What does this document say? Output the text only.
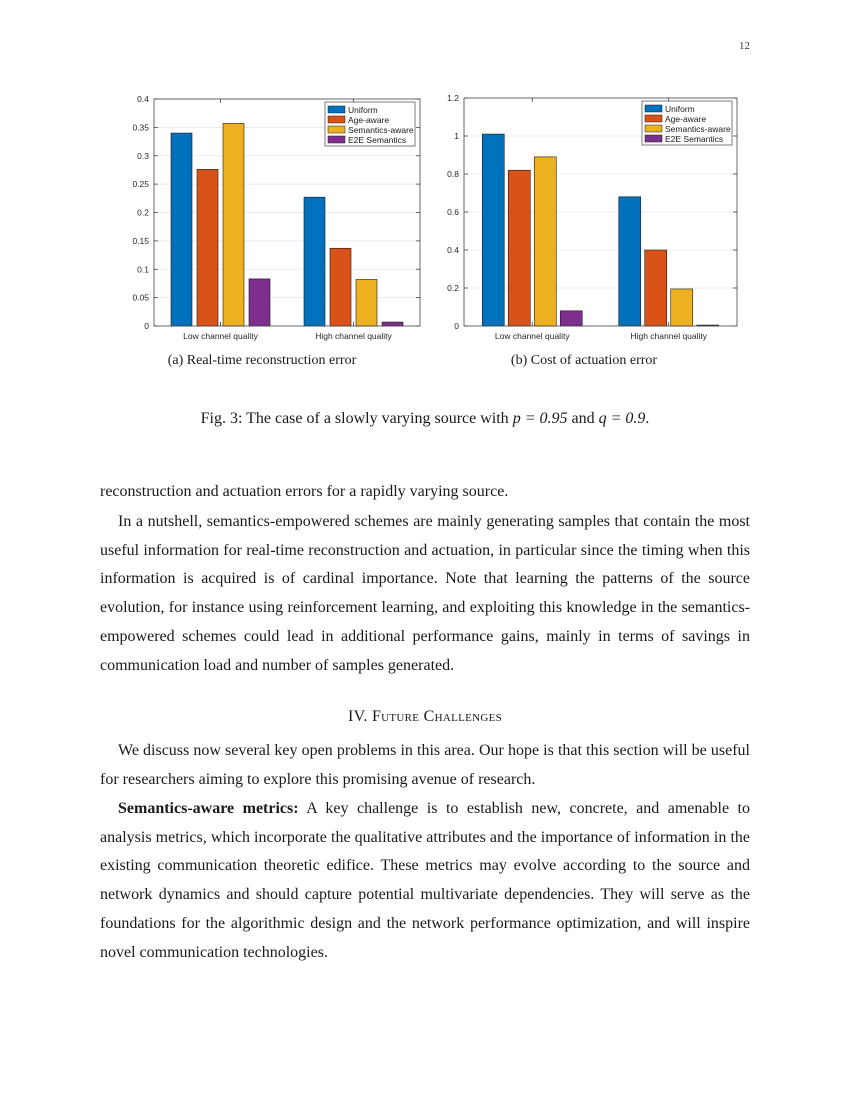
12
0
0.05
0.1
0.15
0.2
0.25
0.3
0.35
0.4
Low channel quality	High channel quality
Uniform
Age-aware
Semantics-aware
E2E Semantics
0
0.2
0.4
0.6
0.8
1
1.2
Low channel quality	High channel quality
Uniform
Age-aware
Semantics-aware
E2E Semantics
(a) Real-time reconstruction error	(b) Cost of actuation error
Fig. 3: The case of a slowly varying source with p = 0.95 and q = 0.9.

reconstruction and actuation errors for a rapidly varying source.

In a nutshell, semantics-empowered schemes are mainly generating samples that contain the most useful information for real-time reconstruction and actuation, in particular since the timing when this information is acquired is of cardinal importance. Note that learning the patterns of the source evolution, for instance using reinforcement learning, and exploiting this knowledge in the semantics-empowered schemes could lead in additional performance gains, mainly in terms of savings in communication load and number of samples generated.

IV. Future Challenges

We discuss now several key open problems in this area. Our hope is that this section will be useful for researchers aiming to explore this promising avenue of research.

Semantics-aware metrics: A key challenge is to establish new, concrete, and amenable to analysis metrics, which incorporate the qualitative attributes and the importance of information in the existing communication theoretic edifice. These metrics may evolve according to the source and network dynamics and should capture potential multivariate dependencies. They will serve as the foundations for the algorithmic design and the network performance optimization, and will inspire novel communication technologies.
